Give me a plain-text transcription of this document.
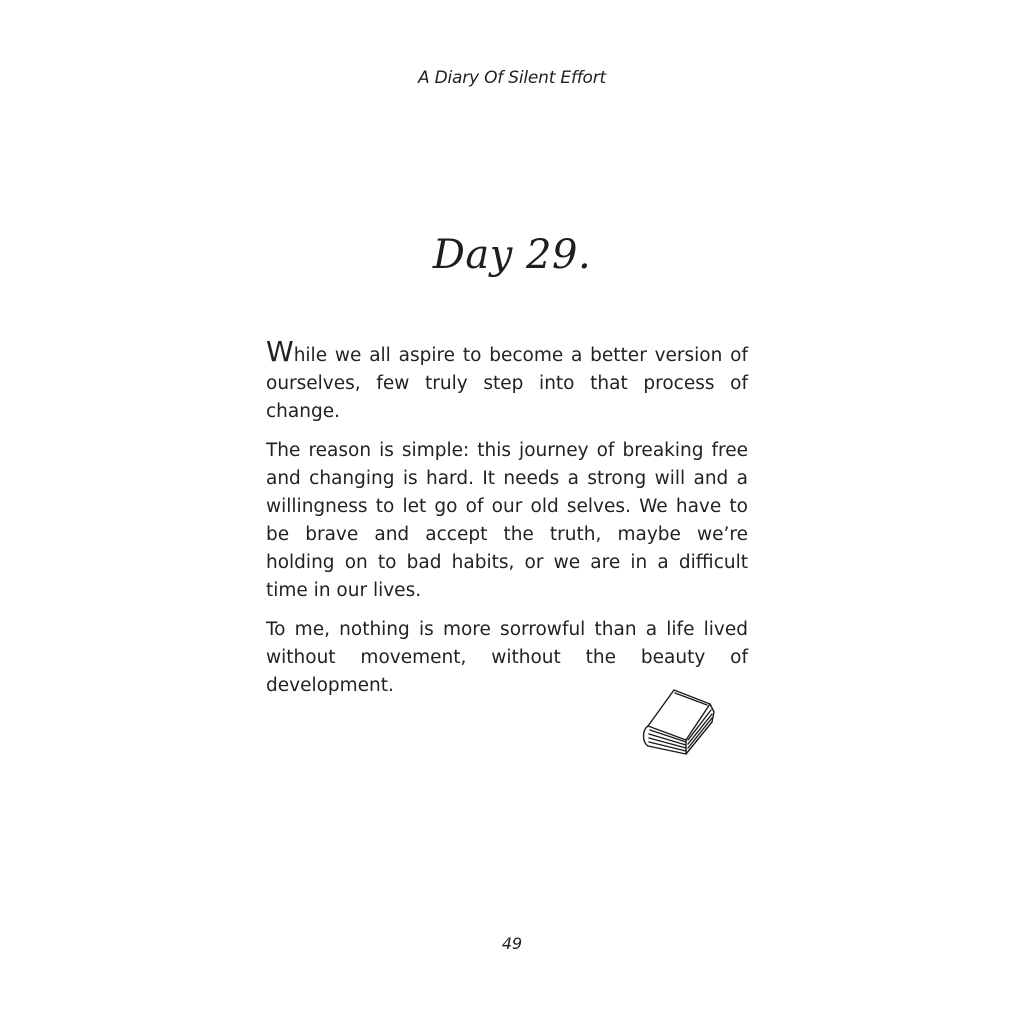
A Diary Of Silent Effort
Day 29.

While we all aspire to become a better version of ourselves, few truly step into that process of change.

The reason is simple: this journey of breaking free and changing is hard. It needs a strong will and a willingness to let go of our old selves. We have to be brave and accept the truth, maybe we’re holding on to bad habits, or we are in a difficult time in our lives.

To me, nothing is more sorrowful than a life lived without movement, without the beauty of development.

49
